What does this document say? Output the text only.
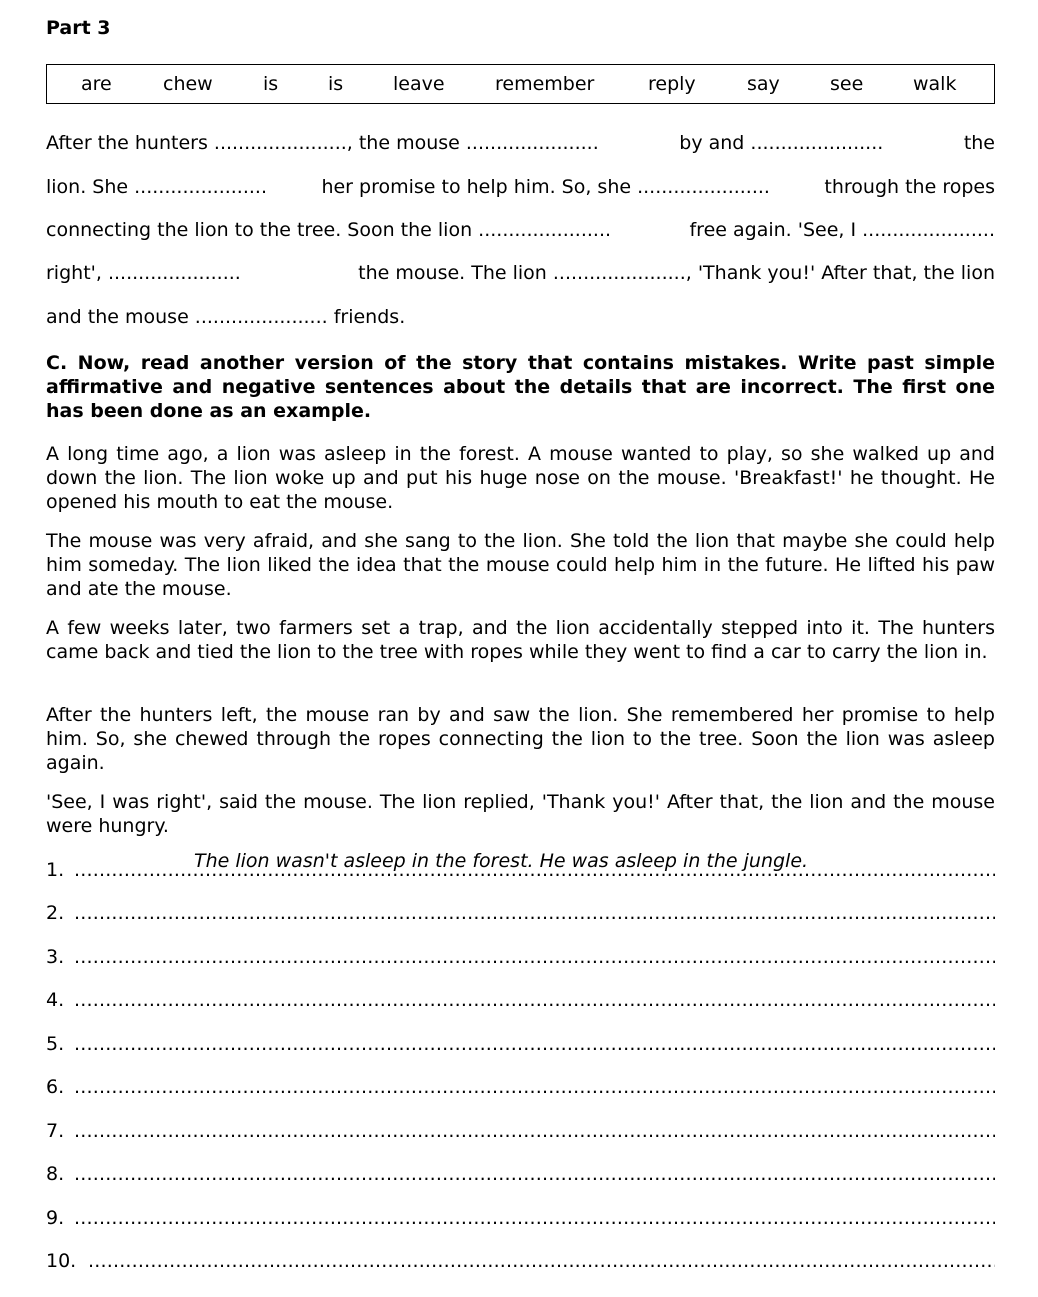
Part 3
are	chew	is	is	leave	remember	reply	say	see	walk
After the hunters ......................, the mouse ......................	by and ......................	the
lion. She ......................	her promise to help him. So, she ......................	through the ropes
connecting the lion to the tree. Soon the lion ......................	free again. 'See, I ......................
right', ......................	the mouse. The lion ......................, 'Thank you!' After that, the lion
and the mouse ...................... friends.
C. Now, read another version of the story that contains mistakes. Write past simple affirmative and negative sentences about the details that are incorrect. The first one has been done as an example.
A long time ago, a lion was asleep in the forest. A mouse wanted to play, so she walked up and down the lion. The lion woke up and put his huge nose on the mouse. 'Breakfast!' he thought. He opened his mouth to eat the mouse.
The mouse was very afraid, and she sang to the lion. She told the lion that maybe she could help him someday. The lion liked the idea that the mouse could help him in the future. He lifted his paw and ate the mouse.
A few weeks later, two farmers set a trap, and the lion accidentally stepped into it. The hunters came back and tied the lion to the tree with ropes while they went to find a car to carry the lion in.
After the hunters left, the mouse ran by and saw the lion. She remembered her promise to help him. So, she chewed through the ropes connecting the lion to the tree. Soon the lion was asleep again.
'See, I was right', said the mouse. The lion replied, 'Thank you!' After that, the lion and the mouse were hungry.
1.
.....	The lion wasn't asleep in the forest. He was asleep in the jungle.
2.
.....
3.
.....
4.
.....
5.
.....
6.
.....
7.
.....
8.
.....
9.
.....
10.
.....
